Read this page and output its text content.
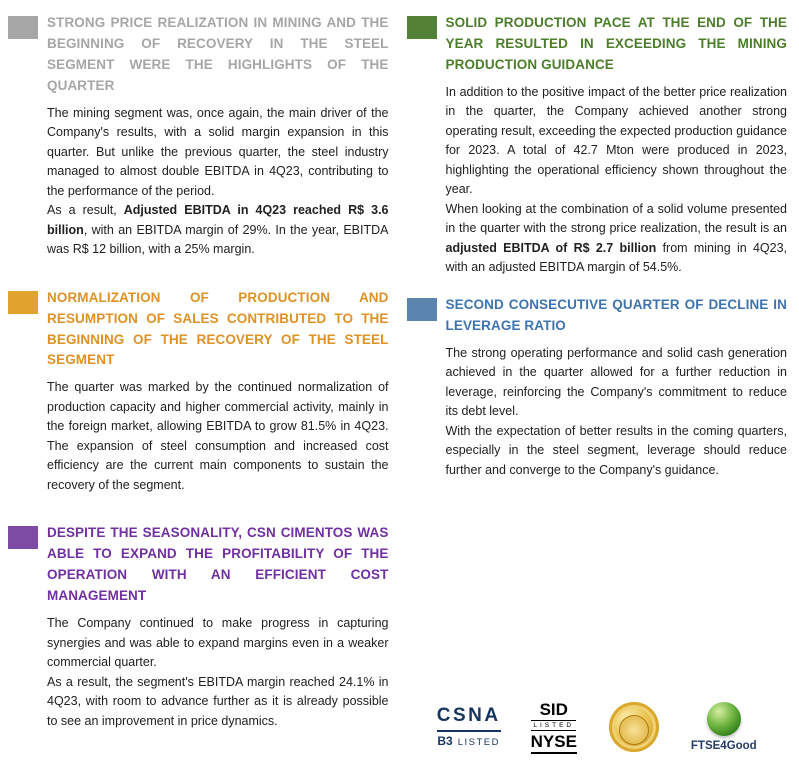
STRONG PRICE REALIZATION IN MINING AND THE BEGINNING OF RECOVERY IN THE STEEL SEGMENT WERE THE HIGHLIGHTS OF THE QUARTER

The mining segment was, once again, the main driver of the Company's results, with a solid margin expansion in this quarter. But unlike the previous quarter, the steel industry managed to almost double EBITDA in 4Q23, contributing to the performance of the period.

As a result, Adjusted EBITDA in 4Q23 reached R$ 3.6 billion, with an EBITDA margin of 29%. In the year, EBITDA was R$ 12 billion, with a 25% margin.

NORMALIZATION OF PRODUCTION AND RESUMPTION OF SALES CONTRIBUTED TO THE BEGINNING OF THE RECOVERY OF THE STEEL SEGMENT

The quarter was marked by the continued normalization of production capacity and higher commercial activity, mainly in the foreign market, allowing EBITDA to grow 81.5% in 4Q23. The expansion of steel consumption and increased cost efficiency are the current main components to sustain the recovery of the segment.

DESPITE THE SEASONALITY, CSN CIMENTOS WAS ABLE TO EXPAND THE PROFITABILITY OF THE OPERATION WITH AN EFFICIENT COST MANAGEMENT

The Company continued to make progress in capturing synergies and was able to expand margins even in a weaker commercial quarter.

As a result, the segment's EBITDA margin reached 24.1% in 4Q23, with room to advance further as it is already possible to see an improvement in price dynamics.

SOLID PRODUCTION PACE AT THE END OF THE YEAR RESULTED IN EXCEEDING THE MINING PRODUCTION GUIDANCE

In addition to the positive impact of the better price realization in the quarter, the Company achieved another strong operating result, exceeding the expected production guidance for 2023. A total of 42.7 Mton were produced in 2023, highlighting the operational efficiency shown throughout the year.

When looking at the combination of a solid volume presented in the quarter with the strong price realization, the result is an adjusted EBITDA of R$ 2.7 billion from mining in 4Q23, with an adjusted EBITDA margin of 54.5%.

SECOND CONSECUTIVE QUARTER OF DECLINE IN LEVERAGE RATIO

The strong operating performance and solid cash generation achieved in the quarter allowed for a further reduction in leverage, reinforcing the Company's commitment to reduce its debt level.

With the expectation of better results in the coming quarters, especially in the steel segment, leverage should reduce further and converge to the Company's guidance.

CSNA
B3 LISTED
SID
LISTED
NYSE	FTSE4Good
